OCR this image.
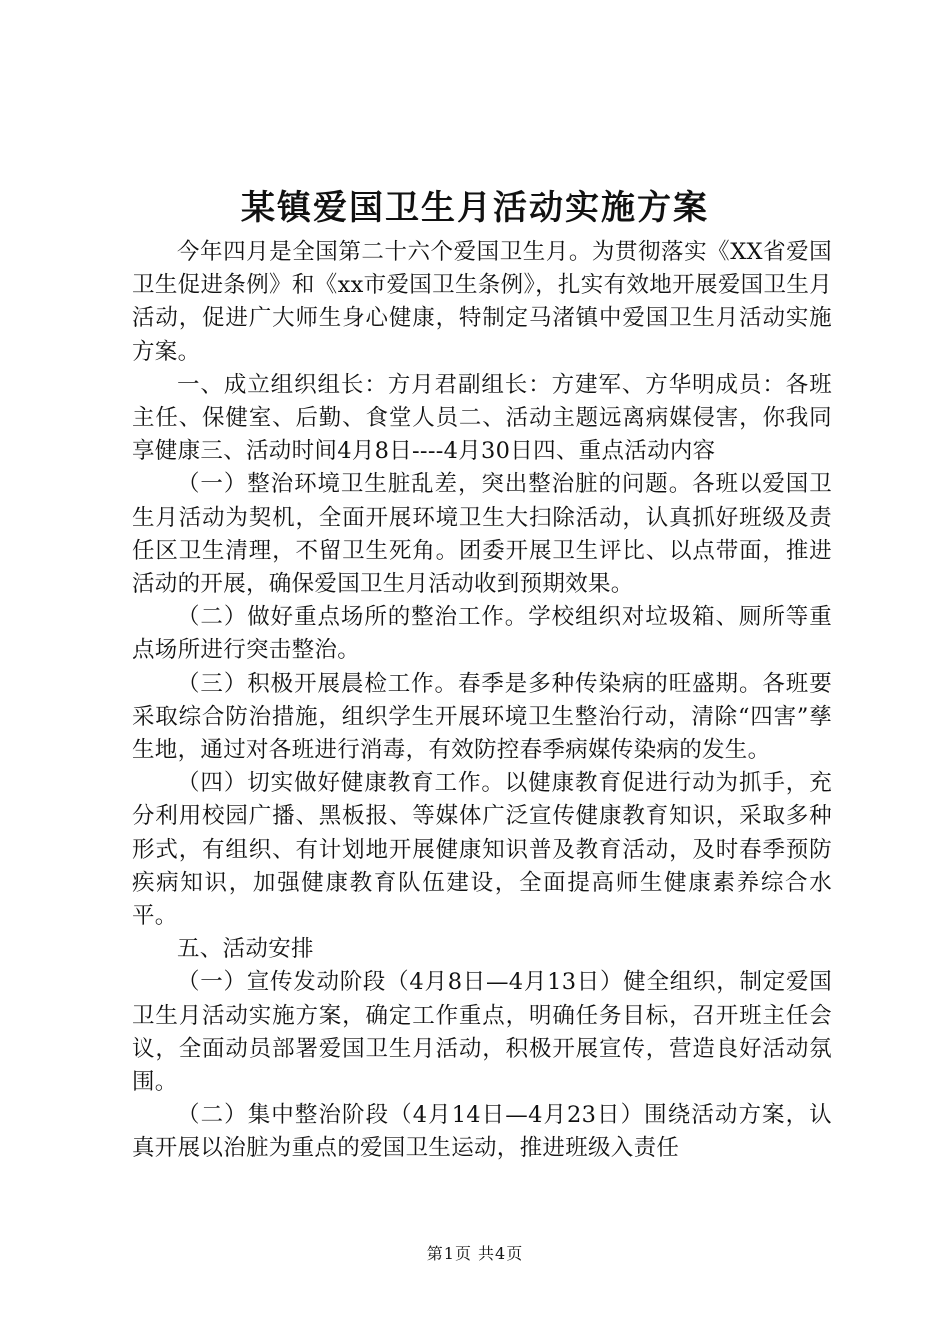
某镇爱国卫生月活动实施方案

今年四月是全国第二十六个爱国卫生月。为贯彻落实《XX省爱国卫生促进条例》和《xx市爱国卫生条例》，扎实有效地开展爱国卫生月活动，促进广大师生身心健康，特制定马渚镇中爱国卫生月活动实施方案。

一、成立组织组长：方月君副组长：方建军、方华明成员：各班主任、保健室、后勤、食堂人员二、活动主题远离病媒侵害，你我同享健康三、活动时间4月8日----4月30日四、重点活动内容

（一）整治环境卫生脏乱差，突出整治脏的问题。各班以爱国卫生月活动为契机，全面开展环境卫生大扫除活动，认真抓好班级及责任区卫生清理，不留卫生死角。团委开展卫生评比、以点带面，推进活动的开展，确保爱国卫生月活动收到预期效果。

（二）做好重点场所的整治工作。学校组织对垃圾箱、厕所等重点场所进行突击整治。

（三）积极开展晨检工作。春季是多种传染病的旺盛期。各班要采取综合防治措施，组织学生开展环境卫生整治行动，清除“四害”孳生地，通过对各班进行消毒，有效防控春季病媒传染病的发生。

（四）切实做好健康教育工作。以健康教育促进行动为抓手，充分利用校园广播、黑板报、等媒体广泛宣传健康教育知识，采取多种形式，有组织、有计划地开展健康知识普及教育活动，及时春季预防疾病知识，加强健康教育队伍建设，全面提高师生健康素养综合水平。

五、活动安排

（一）宣传发动阶段（4月8日—4月13日）健全组织，制定爱国卫生月活动实施方案，确定工作重点，明确任务目标，召开班主任会议，全面动员部署爱国卫生月活动，积极开展宣传，营造良好活动氛围。

（二）集中整治阶段（4月14日—4月23日）围绕活动方案，认真开展以治脏为重点的爱国卫生运动，推进班级入责任

第1页 共4页
